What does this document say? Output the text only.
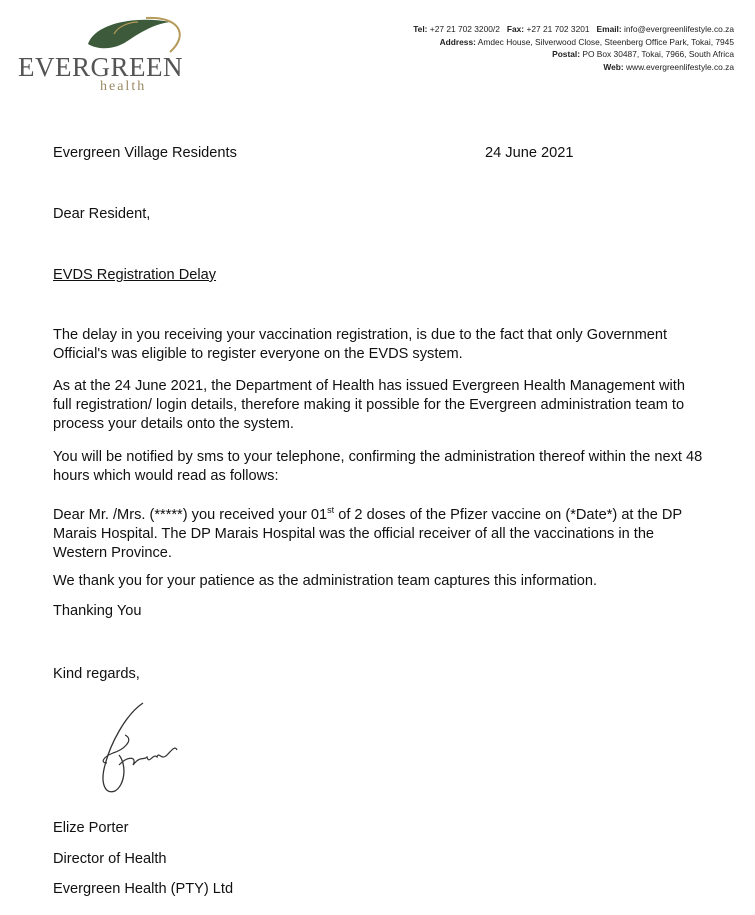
EVERGREEN
health
Tel: +27 21 702 3200/2 Fax: +27 21 702 3201 Email: info@evergreenlifestyle.co.za
Address: Amdec House, Silverwood Close, Steenberg Office Park, Tokai, 7945
Postal: PO Box 30487, Tokai, 7966, South Africa
Web: www.evergreenlifestyle.co.za
Evergreen Village Residents	24 June 2021
Dear Resident,
EVDS Registration Delay
The delay in you receiving your vaccination registration, is due to the fact that only Government Official's was eligible to register everyone on the EVDS system.
As at the 24 June 2021, the Department of Health has issued Evergreen Health Management with full registration/ login details, therefore making it possible for the Evergreen administration team to process your details onto the system.
You will be notified by sms to your telephone, confirming the administration thereof within the next 48 hours which would read as follows:
Dear Mr. /Mrs. (*****) you received your 01st of 2 doses of the Pfizer vaccine on (*Date*) at the DP Marais Hospital. The DP Marais Hospital was the official receiver of all the vaccinations in the Western Province.
We thank you for your patience as the administration team captures this information.
Thanking You
Kind regards,
Elize Porter
Director of Health
Evergreen Health (PTY) Ltd
